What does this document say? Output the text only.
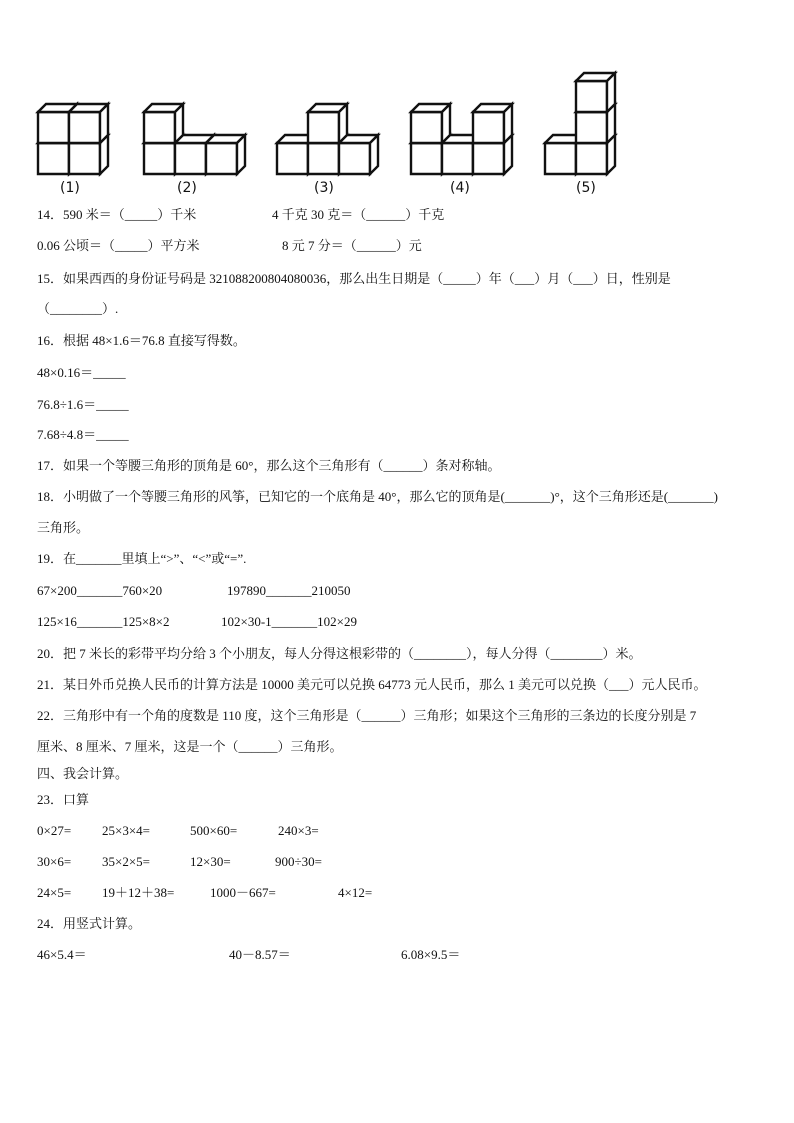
(1)	(2)	(3)	(4)	(5)
14．590 米＝（_____）千米	4 千克 30 克＝（______）千克
0.06 公顷＝（_____）平方米	8 元 7 分＝（______）元
15．如果西西的身份证号码是 321088200804080036，那么出生日期是（_____）年（___）月（___）日，性别是
（________）.
16．根据 48×1.6＝76.8 直接写得数。
48×0.16＝_____
76.8÷1.6＝_____
7.68÷4.8＝_____
17．如果一个等腰三角形的顶角是 60°，那么这个三角形有（______）条对称轴。
18．小明做了一个等腰三角形的风筝，已知它的一个底角是 40°，那么它的顶角是(_______)°，这个三角形还是(_______)
三角形。
19．在_______里填上“>”、“<”或“=”.
67×200_______760×20	197890_______210050
125×16_______125×8×2	102×30-1_______102×29
20．把 7 米长的彩带平均分给 3 个小朋友，每人分得这根彩带的（________），每人分得（________）米。
21．某日外币兑换人民币的计算方法是 10000 美元可以兑换 64773 元人民币，那么 1 美元可以兑换（___）元人民币。
22．三角形中有一个角的度数是 110 度，这个三角形是（______）三角形；如果这个三角形的三条边的长度分别是 7
厘米、8 厘米、7 厘米，这是一个（______）三角形。
四、我会计算。
23．口算
0×27= 25×3×4=	500×60=	240×3=
30×6= 35×2×5=	12×30=	900÷30=
24×5= 19＋12＋38=	1000－667=	4×12=
24．用竖式计算。
46×5.4＝	40－8.57＝	6.08×9.5＝
